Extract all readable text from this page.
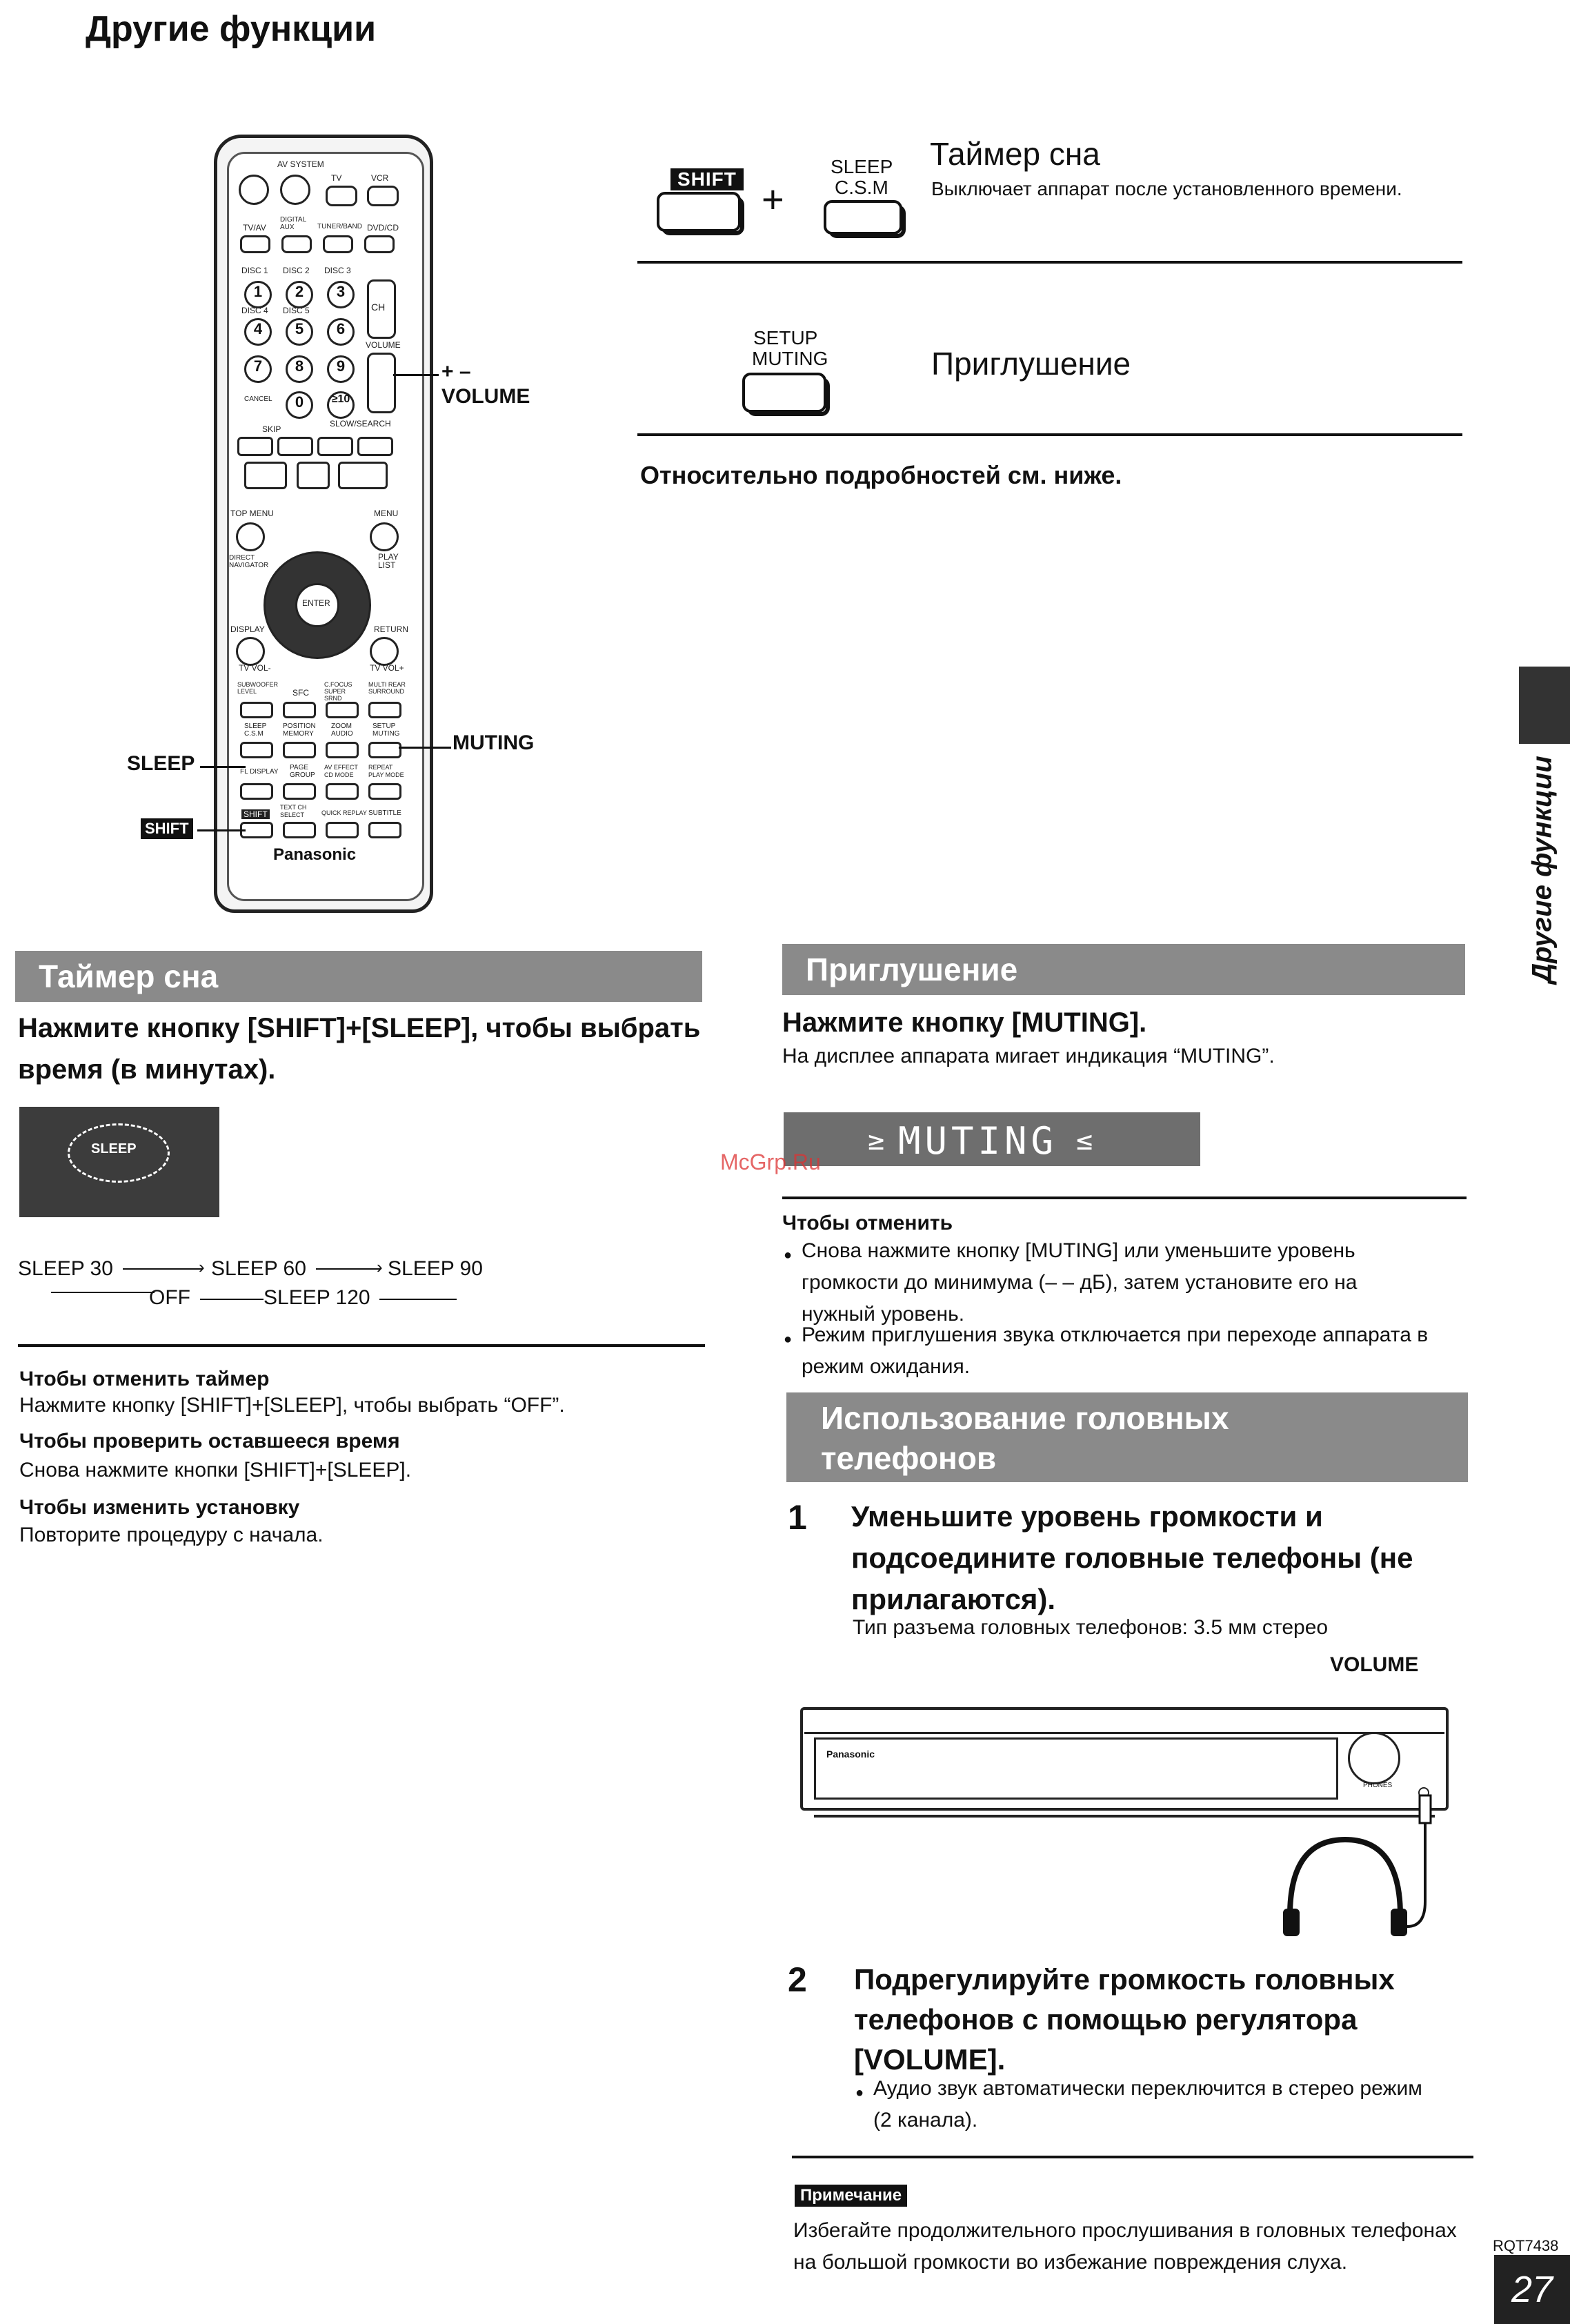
Другие функции
AV SYSTEM
TV	VCR
TV/AV
DIGITAL AUX	TUNER/BAND DVD/CD
DISC 1 DISC 2 DISC 3
1	2	3
DISC 4 DISC 5
4	5	6
CH
VOLUME
7	8	9
CANCEL	0	≥10
SKIP
SLOW/SEARCH
TOP MENU	MENU
DIRECT NAVIGATOR
PLAY LIST
ENTER
DISPLAY	RETURN
TV VOL-	TV VOL+
SUBWOOFER LEVEL	SFC
C.FOCUS SUPER SRND
MULTI REAR SURROUND
SLEEP C.S.M
POSITION MEMORY
ZOOM AUDIO
SETUP MUTING
FL DISPLAY
PAGE GROUP
AV EFFECT CD MODE
REPEAT PLAY MODE
SHIFT
TEXT CH SELECT	QUICK REPLAY SUBTITLE
Panasonic
+ –
VOLUME
MUTING
SLEEP
SHIFT
SHIFT +
SLEEP
C.S.M
Таймер сна
Выключает аппарат после установленного времени.
SETUP
MUTING	Приглушение
Относительно подробностей см. ниже.
Таймер сна
Нажмите кнопку [SHIFT]+[SLEEP], чтобы выбрать время (в минутах).
SLEEP
SLEEP 30	› SLEEP 60	› SLEEP 90
OFF	SLEEP 120
Чтобы отменить таймер
Нажмите кнопку [SHIFT]+[SLEEP], чтобы выбрать “OFF”.
Чтобы проверить оставшееся время
Снова нажмите кнопки [SHIFT]+[SLEEP].
Чтобы изменить установку
Повторите процедуру с начала.
Приглушение
Нажмите кнопку [MUTING].
На дисплее аппарата мигает индикация “MUTING”.
≥ MUTING ≤
McGrp.Ru
Чтобы отменить
● Снова нажмите кнопку [MUTING] или уменьшите уровень громкости до минимума (– – дБ), затем установите его на нужный уровень.
● Режим приглушения звука отключается при переходе аппарата в режим ожидания.
Использование головных
телефонов
1 Уменьшите уровень громкости и подсоедините головные телефоны (не прилагаются).
Тип разъема головных телефонов: 3.5 мм стерео
VOLUME
Panasonic
PHONES
2 Подрегулируйте громкость головных телефонов с помощью регулятора [VOLUME].
● Аудио звук автоматически переключится в стерео режим (2 канала).
Примечание
Избегайте продолжительного прослушивания в головных телефонах на большой громкости во избежание повреждения слуха.
Другие функции
RQT7438
27
